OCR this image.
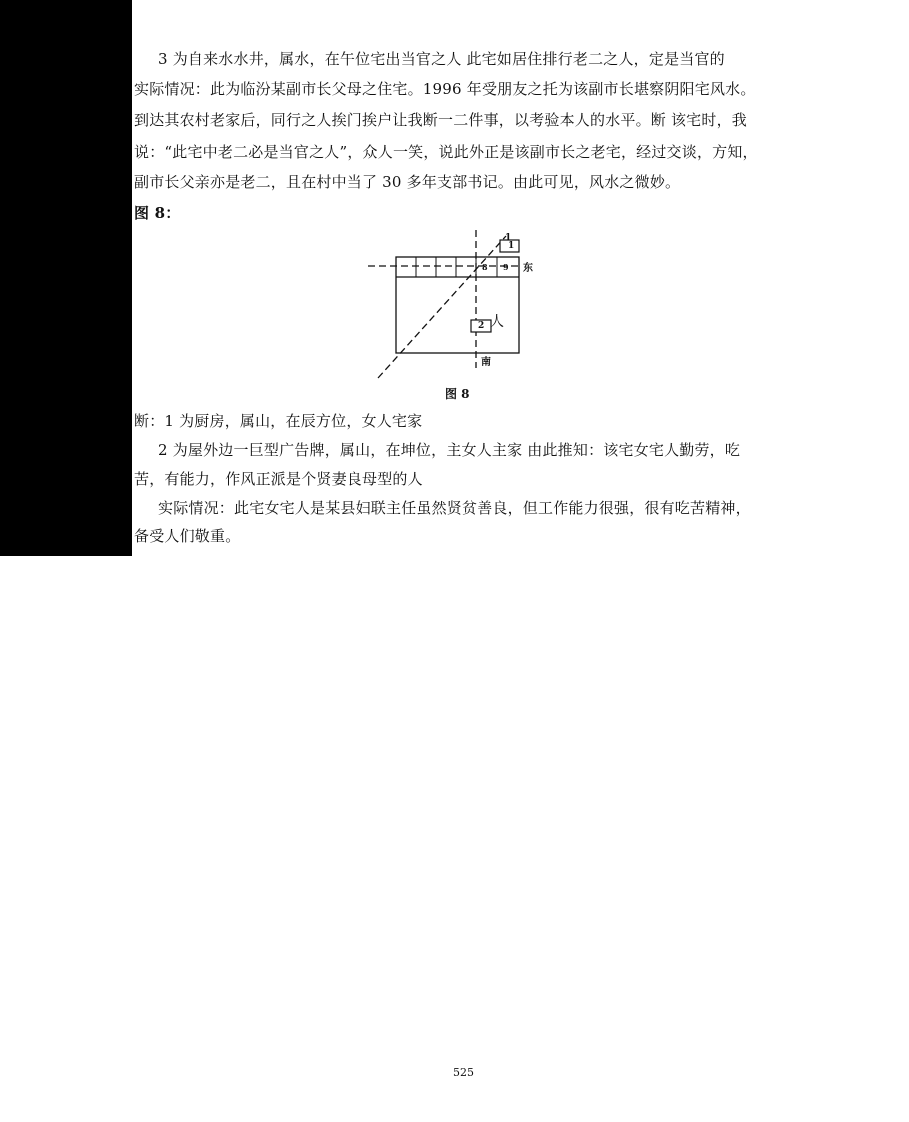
3 为自来水水井，属水，在午位宅出当官之人 此宅如居住排行老二之人，定是当官的
实际情况：此为临汾某副市长父母之住宅。1996 年受朋友之托为该副市长堪察阴阳宅风水。
到达其农村老家后，同行之人挨门挨户让我断一二件事，以考验本人的水平。断 该宅时，我
说：“此宅中老二必是当官之人”，众人一笑，说此外正是该副市长之老宅，经过交谈，方知，
副市长父亲亦是老二，且在村中当了 30 多年支部书记。由此可见，风水之微妙。
图 8：
1
1
2
8 9 东
南
人
图 8
断：1 为厨房，属山，在辰方位，女人宅家
2 为屋外边一巨型广告牌，属山，在坤位，主女人主家 由此推知：该宅女宅人勤劳，吃
苦，有能力，作风正派是个贤妻良母型的人
实际情况：此宅女宅人是某县妇联主任虽然贤贫善良，但工作能力很强，很有吃苦精神，
备受人们敬重。
525
